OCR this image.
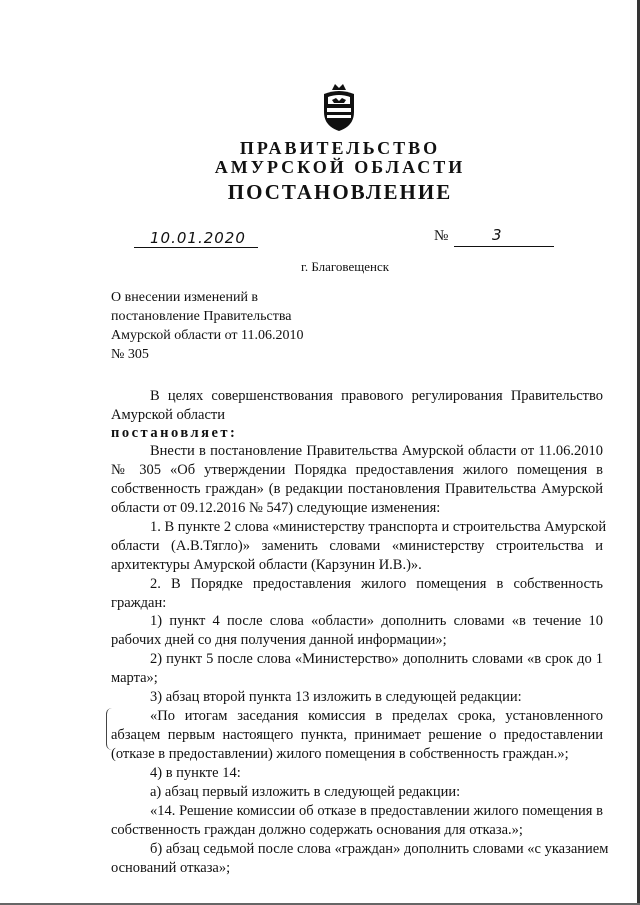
ПРАВИТЕЛЬСТВО
АМУРСКОЙ ОБЛАСТИ
ПОСТАНОВЛЕНИЕ
10.01.2020	№	3
г. Благовещенск
О внесении изменений в
постановление Правительства
Амурской области от 11.06.2010
№ 305
В целях совершенствования правового регулирования Правительство
Амурской области
постановляет:
Внести в постановление Правительства Амурской области от 11.06.2010
№ 305 «Об утверждении Порядка предоставления жилого помещения в
собственность граждан» (в редакции постановления Правительства Амурской
области от 09.12.2016 № 547) следующие изменения:
1. В пункте 2 слова «министерству транспорта и строительства Амурской
области (А.В.Тягло)» заменить словами «министерству строительства и
архитектуры Амурской области (Карзунин И.В.)».
2. В Порядке предоставления жилого помещения в собственность
граждан:
1) пункт 4 после слова «области» дополнить словами «в течение 10
рабочих дней со дня получения данной информации»;
2) пункт 5 после слова «Министерство» дополнить словами «в срок до 1
марта»;
3) абзац второй пункта 13 изложить в следующей редакции:
«По итогам заседания комиссия в пределах срока, установленного
абзацем первым настоящего пункта, принимает решение о предоставлении
(отказе в предоставлении) жилого помещения в собственность граждан.»;
4) в пункте 14:
а) абзац первый изложить в следующей редакции:
«14. Решение комиссии об отказе в предоставлении жилого помещения в
собственность граждан должно содержать основания для отказа.»;
б) абзац седьмой после слова «граждан» дополнить словами «с указанием
оснований отказа»;
